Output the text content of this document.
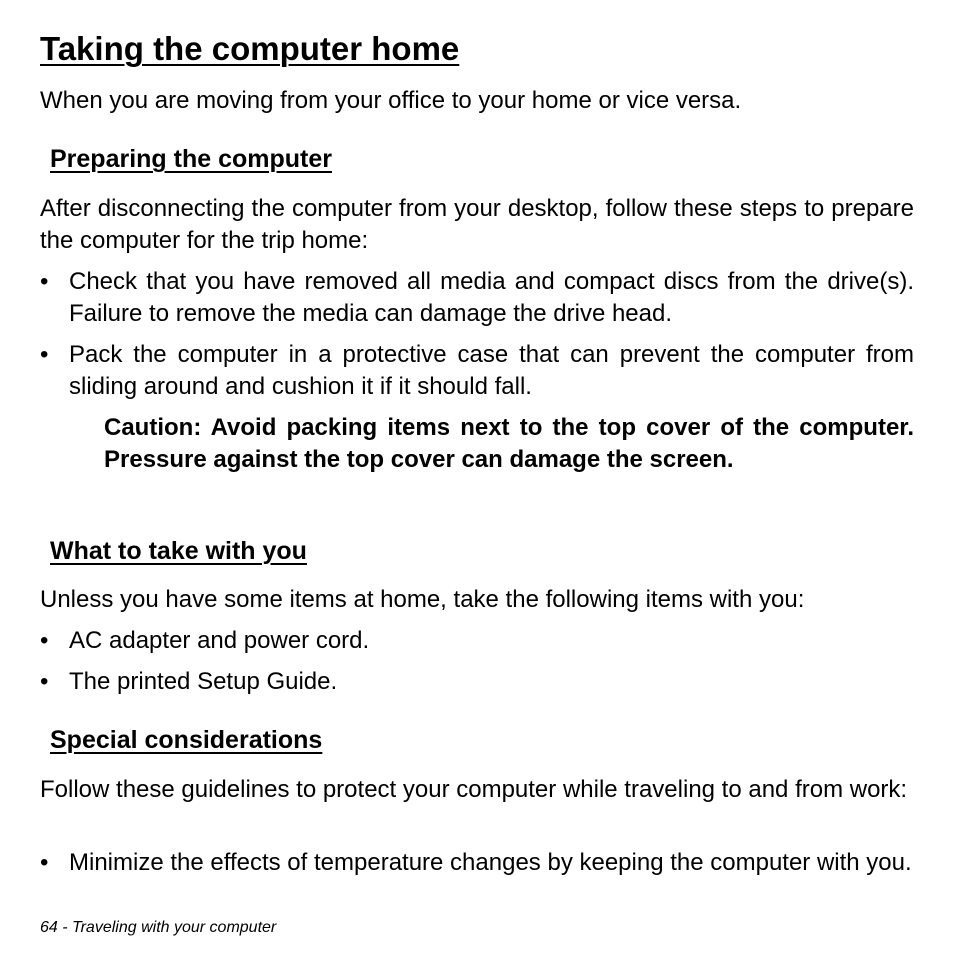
Taking the computer home

When you are moving from your office to your home or vice versa.

Preparing the computer

After disconnecting the computer from your desktop, follow these steps to prepare the computer for the trip home:

• Check that you have removed all media and compact discs from the drive(s). Failure to remove the media can damage the drive head.
• Pack the computer in a protective case that can prevent the computer from sliding around and cushion it if it should fall.

Caution: Avoid packing items next to the top cover of the computer. Pressure against the top cover can damage the screen.

What to take with you

Unless you have some items at home, take the following items with you:

• AC adapter and power cord.
• The printed Setup Guide.
Special considerations

Follow these guidelines to protect your computer while traveling to and from work:

• Minimize the effects of temperature changes by keeping the computer with you.
64 - Traveling with your computer
